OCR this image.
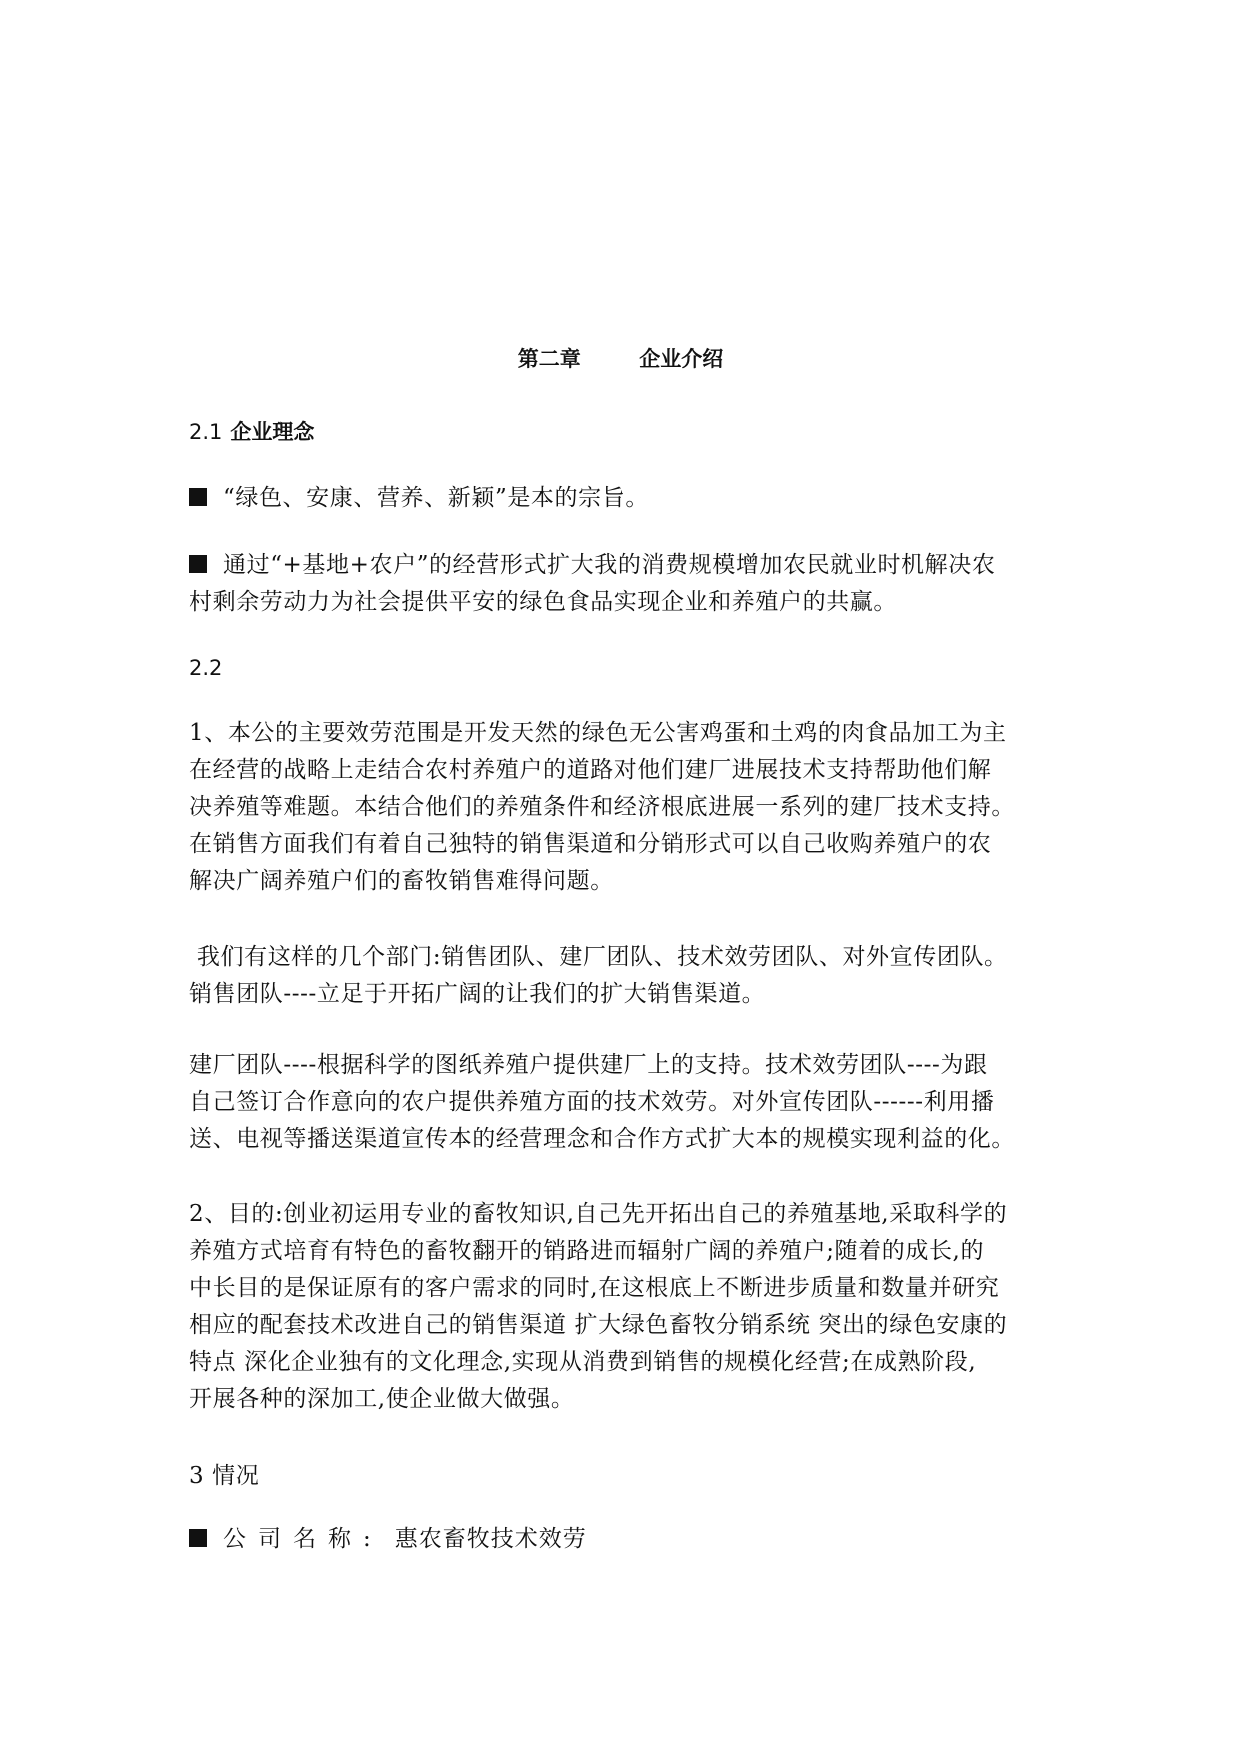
第二章        企业介绍
2.1 企业理念
“绿色、安康、营养、新颖”是本的宗旨。
通过“+基地+农户”的经营形式扩大我的消费规模增加农民就业时机解决农
村剩余劳动力为社会提供平安的绿色食品实现企业和养殖户的共赢。
2.2
1、本公的主要效劳范围是开发天然的绿色无公害鸡蛋和土鸡的肉食品加工为主
在经营的战略上走结合农村养殖户的道路对他们建厂进展技术支持帮助他们解
决养殖等难题。本结合他们的养殖条件和经济根底进展一系列的建厂技术支持。
在销售方面我们有着自己独特的销售渠道和分销形式可以自己收购养殖户的农
解决广阔养殖户们的畜牧销售难得问题。
我们有这样的几个部门:销售团队、建厂团队、技术效劳团队、对外宣传团队。
销售团队----立足于开拓广阔的让我们的扩大销售渠道。
建厂团队----根据科学的图纸养殖户提供建厂上的支持。技术效劳团队----为跟
自己签订合作意向的农户提供养殖方面的技术效劳。对外宣传团队------利用播
送、电视等播送渠道宣传本的经营理念和合作方式扩大本的规模实现利益的化。
2、目的:创业初运用专业的畜牧知识,自己先开拓出自己的养殖基地,采取科学的
养殖方式培育有特色的畜牧翻开的销路进而辐射广阔的养殖户;随着的成长,的
中长目的是保证原有的客户需求的同时,在这根底上不断进步质量和数量并研究
相应的配套技术改进自己的销售渠道 扩大绿色畜牧分销系统 突出的绿色安康的
特点 深化企业独有的文化理念,实现从消费到销售的规模化经营;在成熟阶段,
开展各种的深加工,使企业做大做强。
3 情况
公司名称: 惠农畜牧技术效劳
